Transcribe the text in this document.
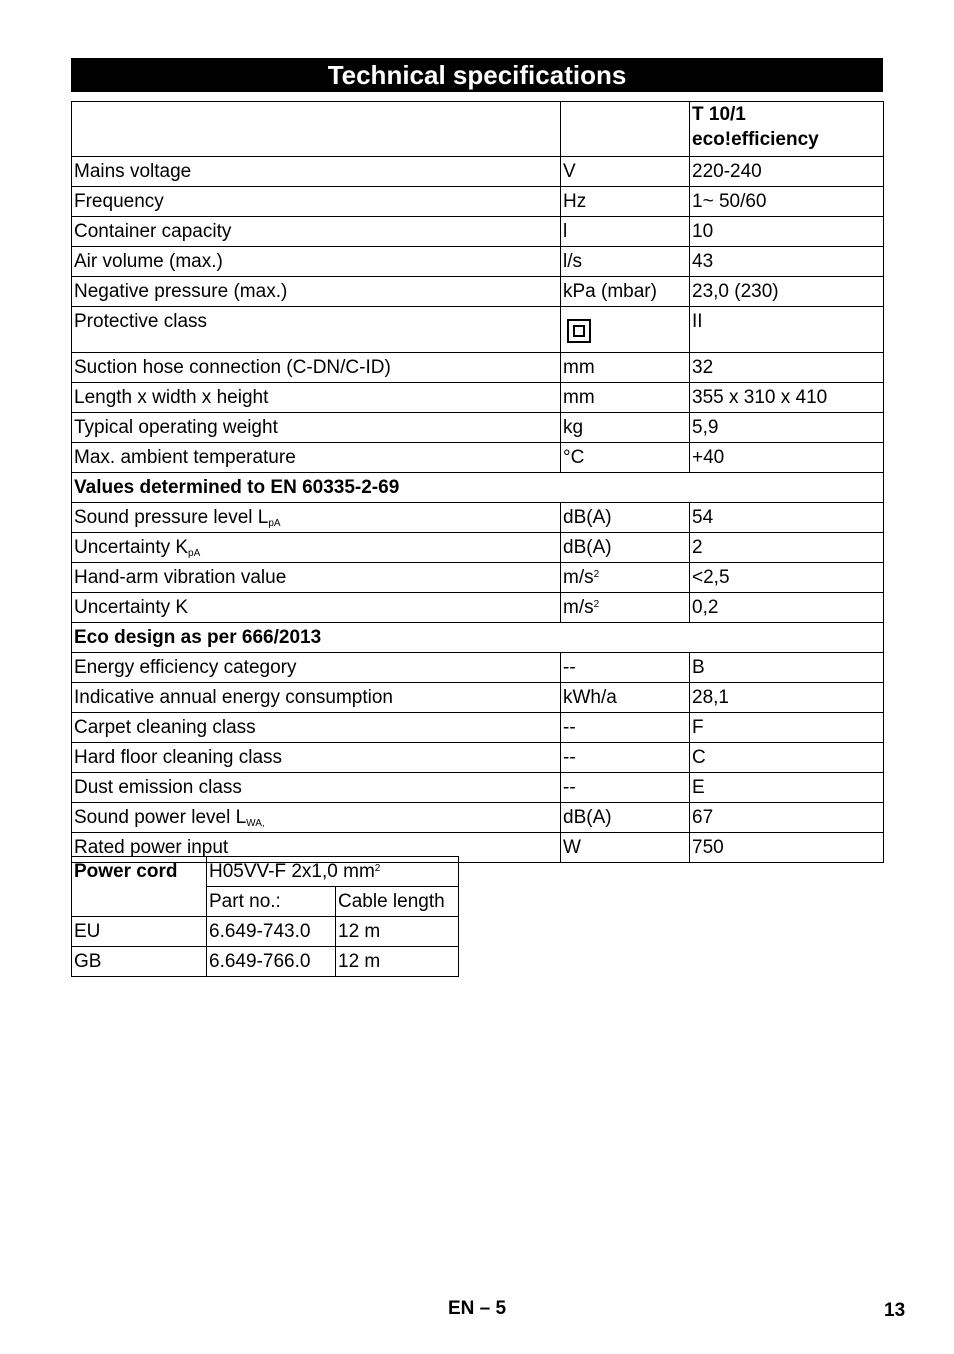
Technical specifications

		T 10/1
eco!efficiency

Mains voltage	V	220-240
Frequency	Hz	1~ 50/60
Container capacity	l	10
Air volume (max.)	l/s	43
Negative pressure (max.)	kPa (mbar)	23,0 (230)
Protective class		II
Suction hose connection (C-DN/C-ID)	mm	32
Length x width x height	mm	355 x 310 x 410
Typical operating weight	kg	5,9
Max. ambient temperature	°C	+40
Values determined to EN 60335-2-69		
Sound pressure level $L_{pA}$	dB(A)	54
Uncertainty $K_{pA}$	dB(A)	2
Hand-arm vibration value	$m/s^2$	<2,5
Uncertainty K	$m/s^2$	0,2
Eco design as per 666/2013		
Energy efficiency category	--	B
Indicative annual energy consumption	kWh/a	28,1
Carpet cleaning class	--	F
Hard floor cleaning class	--	C
Dust emission class	--	E
Sound power level $L_{WA,}$	dB(A)	67
Rated power input	W	750
Power cord	H05VV-F 2x1,0 $mm^2$
	Part no.:	Cable length
EU	6.649-743.0	12 m
GB	6.649-766.0	12 m
EN – 5	13
